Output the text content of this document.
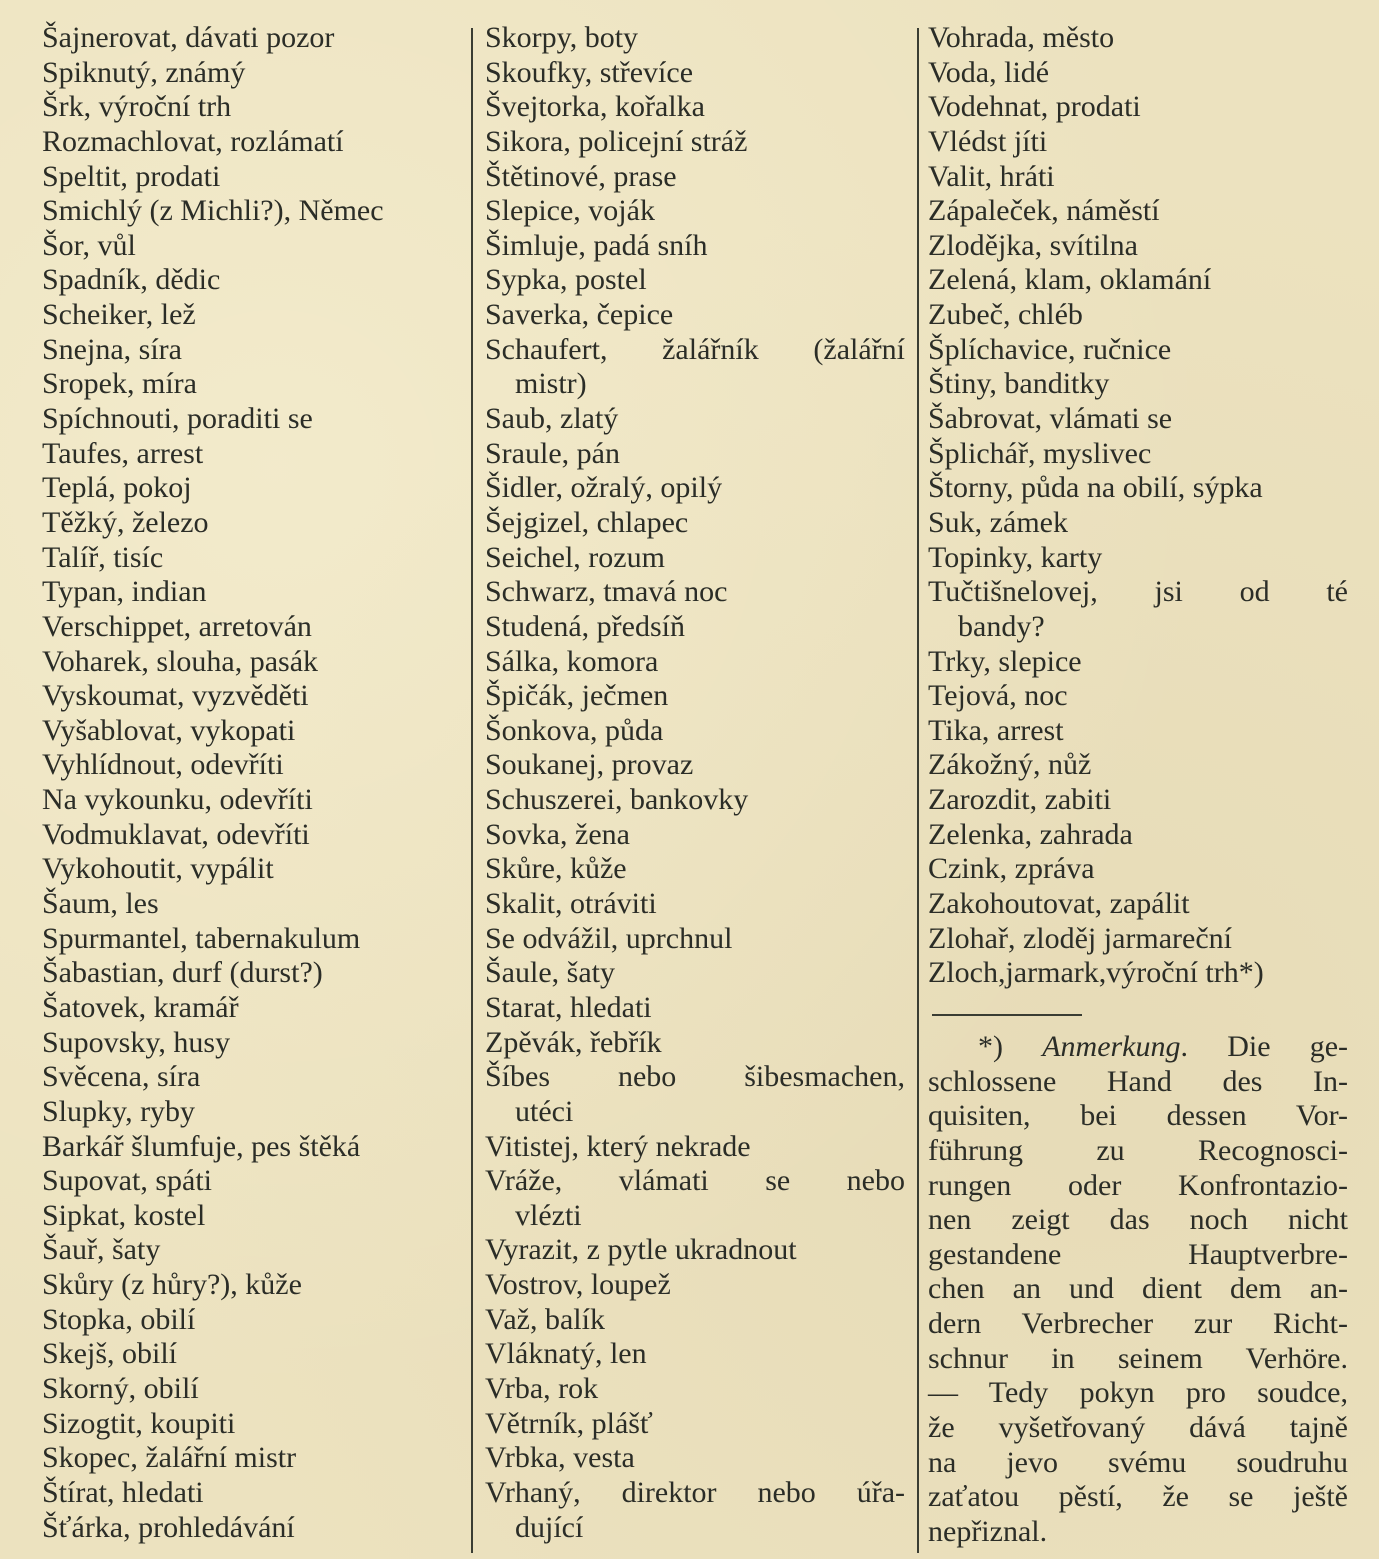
Šajnerovat, dávati pozor
Spiknutý, známý
Šrk, výroční trh
Rozmachlovat, rozlámatí
Speltit, prodati
Smichlý (z Michli?), Němec
Šor, vůl
Spadník, dědic
Scheiker, lež
Snejna, síra
Sropek, míra
Spíchnouti, poraditi se
Taufes, arrest
Teplá, pokoj
Těžký, železo
Talíř, tisíc
Typan, indian
Verschippet, arretován
Voharek, slouha, pasák
Vyskoumat, vyzvěděti
Vyšablovat, vykopati
Vyhlídnout, odevříti
Na vykounku, odevříti
Vodmuklavat, odevříti
Vykohoutit, vypálit
Šaum, les
Spurmantel, tabernakulum
Šabastian, durf (durst?)
Šatovek, kramář
Supovsky, husy
Svěcena, síra
Slupky, ryby
Barkář šlumfuje, pes štěká
Supovat, spáti
Sipkat, kostel
Šauř, šaty
Skůry (z hůry?), kůže
Stopka, obilí
Skejš, obilí
Skorný, obilí
Sizogtit, koupiti
Skopec, žalářní mistr
Štírat, hledati
Šťárka, prohledávání
Skorpy, boty
Skoufky, střevíce
Švejtorka, kořalka
Sikora, policejní stráž
Štětinové, prase
Slepice, voják
Šimluje, padá sníh
Sypka, postel
Saverka, čepice
Schaufert, žalářník (žalářní
mistr)
Saub, zlatý
Sraule, pán
Šidler, ožralý, opilý
Šejgizel, chlapec
Seichel, rozum
Schwarz, tmavá noc
Studená, předsíň
Sálka, komora
Špičák, ječmen
Šonkova, půda
Soukanej, provaz
Schuszerei, bankovky
Sovka, žena
Skůre, kůže
Skalit, otráviti
Se odvážil, uprchnul
Šaule, šaty
Starat, hledati
Zpěvák, řebřík
Šíbes nebo šibesmachen,
utéci
Vitistej, který nekrade
Vráže, vlámati se nebo
vlézti
Vyrazit, z pytle ukradnout
Vostrov, loupež
Važ, balík
Vláknatý, len
Vrba, rok
Větrník, plášť
Vrbka, vesta
Vrhaný, direktor nebo úřa-
dující
Vohrada, město
Voda, lidé
Vodehnat, prodati
Vlédst jíti
Valit, hráti
Zápaleček, náměstí
Zlodějka, svítilna
Zelená, klam, oklamání
Zubeč, chléb
Šplíchavice, ručnice
Štiny, banditky
Šabrovat, vlámati se
Šplichář, myslivec
Štorny, půda na obilí, sýpka
Suk, zámek
Topinky, karty
Tučtišnelovej, jsi od té
bandy?
Trky, slepice
Tejová, noc
Tika, arrest
Zákožný, nůž
Zarozdit, zabiti
Zelenka, zahrada
Czink, zpráva
Zakohoutovat, zapálit
Zlohař, zloděj jarmareční
Zloch,jarmark,výroční trh*)
*) Anmerkung. Die ge-
schlossene Hand des In-
quisiten, bei dessen Vor-
führung zu Recognosci-
rungen oder Konfrontazio-
nen zeigt das noch nicht
gestandene Hauptverbre-
chen an und dient dem an-
dern Verbrecher zur Richt-
schnur in seinem Verhöre.
— Tedy pokyn pro soudce,
že vyšetřovaný dává tajně
na jevo svému soudruhu
zaťatou pěstí, že se ještě
nepřiznal.
